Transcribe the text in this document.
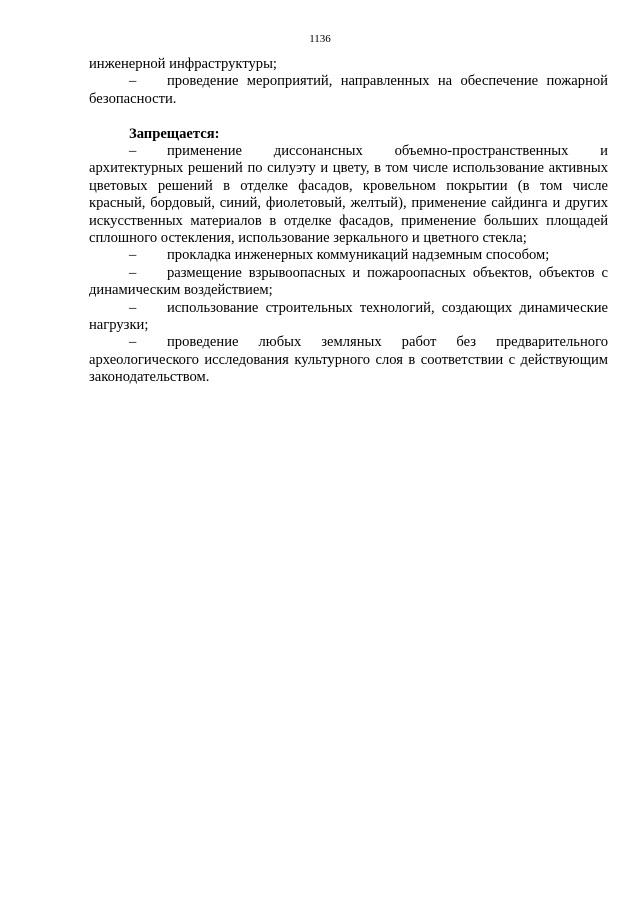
1136

инженерной инфраструктуры;

– проведение мероприятий, направленных на обеспечение пожарной безопасности.

Запрещается:

– применение диссонансных объемно-пространственных и архитектурных решений по силуэту и цвету, в том числе использование активных цветовых решений в отделке фасадов, кровельном покрытии (в том числе красный, бордовый, синий, фиолетовый, желтый), применение сайдинга и других искусственных материалов в отделке фасадов, применение больших площадей сплошного остекления, использование зеркального и цветного стекла;

– прокладка инженерных коммуникаций надземным способом;

– размещение взрывоопасных и пожароопасных объектов, объектов с динамическим воздействием;

– использование строительных технологий, создающих динамические нагрузки;

– проведение любых земляных работ без предварительного археологического исследования культурного слоя в соответствии с действующим законодательством.
